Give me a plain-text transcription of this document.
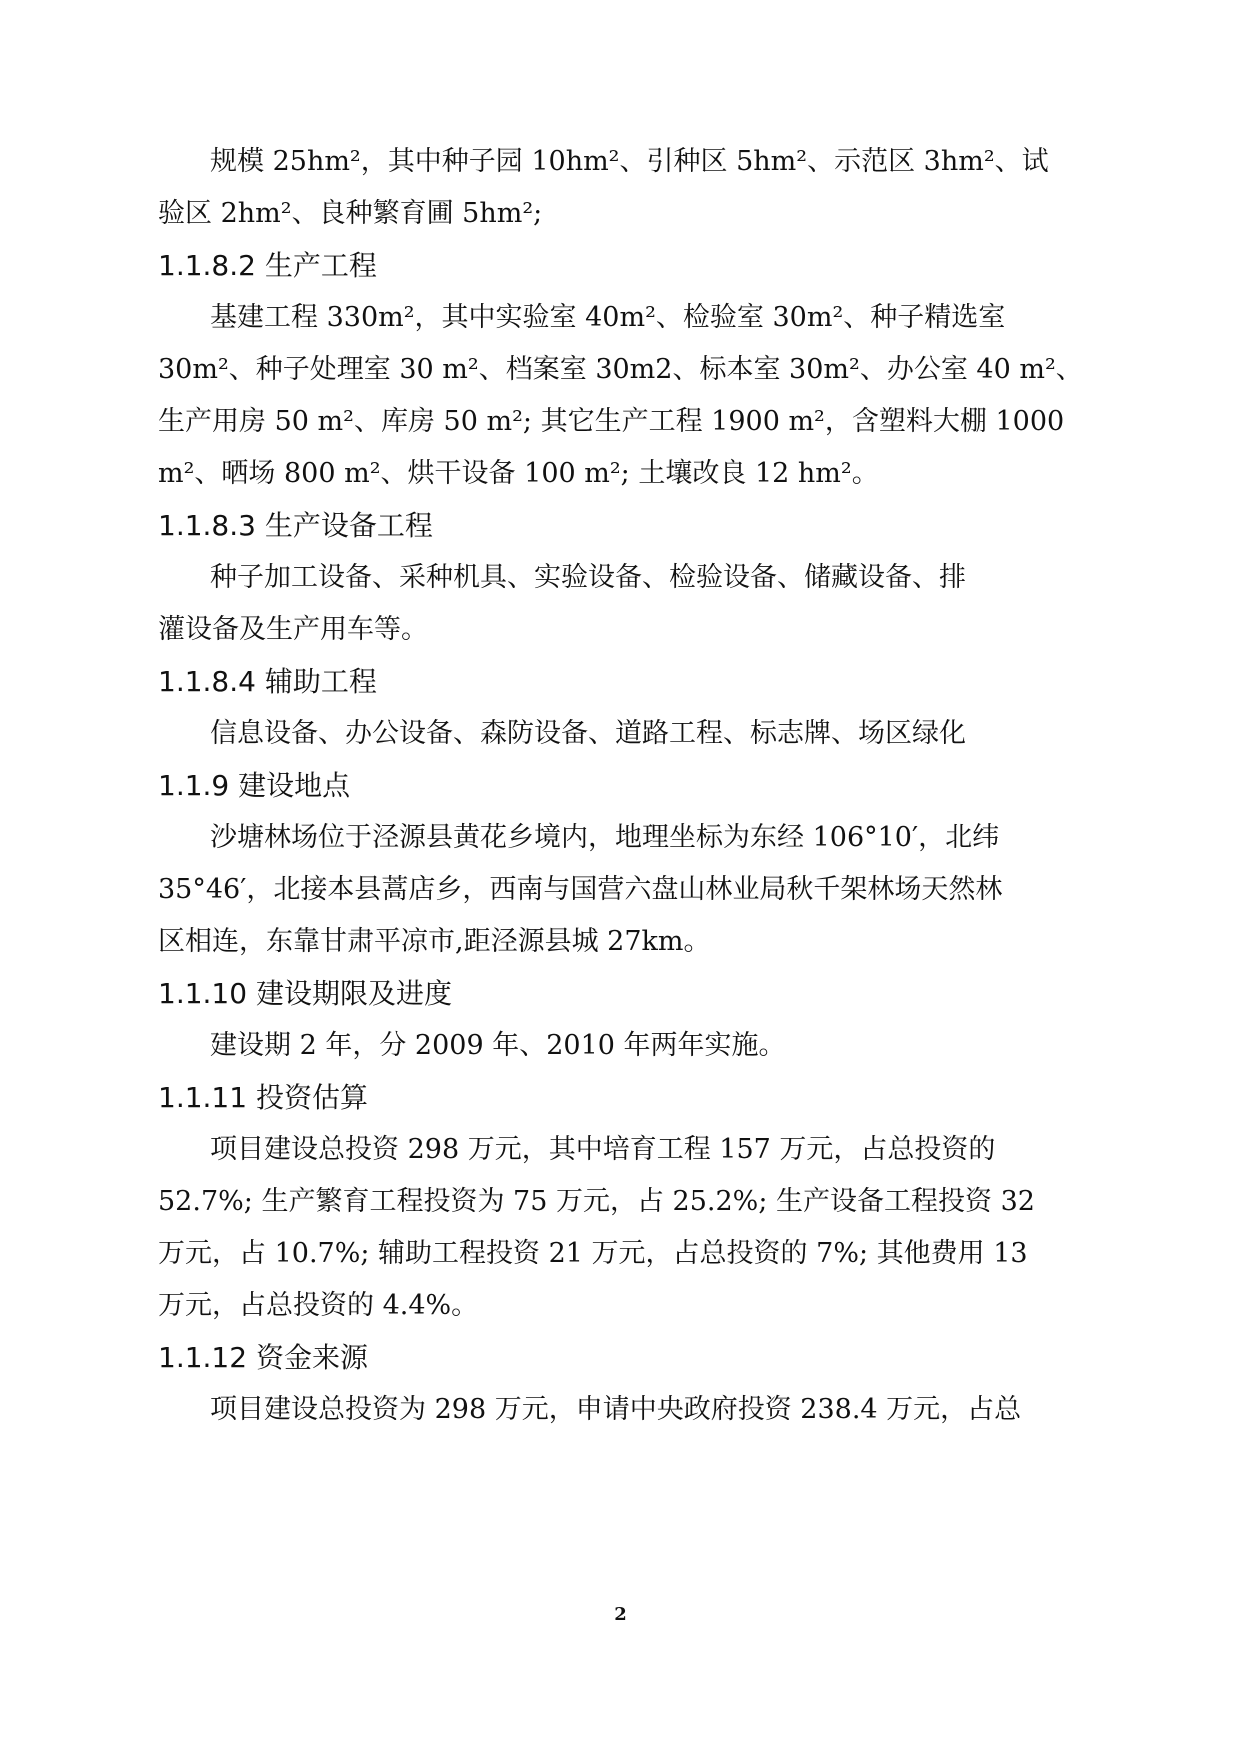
规模 25hm²，其中种子园 10hm²、引种区 5hm²、示范区 3hm²、试
验区 2hm²、良种繁育圃 5hm²;
1.1.8.2 生产工程
基建工程 330m²，其中实验室 40m²、检验室 30m²、种子精选室
30m²、种子处理室 30 m²、档案室 30m2、标本室 30m²、办公室 40 m²、
生产用房 50 m²、库房 50 m²; 其它生产工程 1900 m²，含塑料大棚 1000
m²、晒场 800 m²、烘干设备 100 m²; 土壤改良 12 hm²。
1.1.8.3 生产设备工程
种子加工设备、采种机具、实验设备、检验设备、储藏设备、排
灌设备及生产用车等。
1.1.8.4 辅助工程
信息设备、办公设备、森防设备、道路工程、标志牌、场区绿化
1.1.9 建设地点
沙塘林场位于泾源县黄花乡境内，地理坐标为东经 106°10′，北纬
35°46′，北接本县蒿店乡，西南与国营六盘山林业局秋千架林场天然林
区相连，东靠甘肃平凉市,距泾源县城 27km。
1.1.10 建设期限及进度
建设期 2 年，分 2009 年、2010 年两年实施。
1.1.11 投资估算
项目建设总投资 298 万元，其中培育工程 157 万元，占总投资的
52.7%; 生产繁育工程投资为 75 万元，占 25.2%; 生产设备工程投资 32
万元，占 10.7%; 辅助工程投资 21 万元，占总投资的 7%; 其他费用 13
万元，占总投资的 4.4%。
1.1.12 资金来源
项目建设总投资为 298 万元，申请中央政府投资 238.4 万元，占总
2
